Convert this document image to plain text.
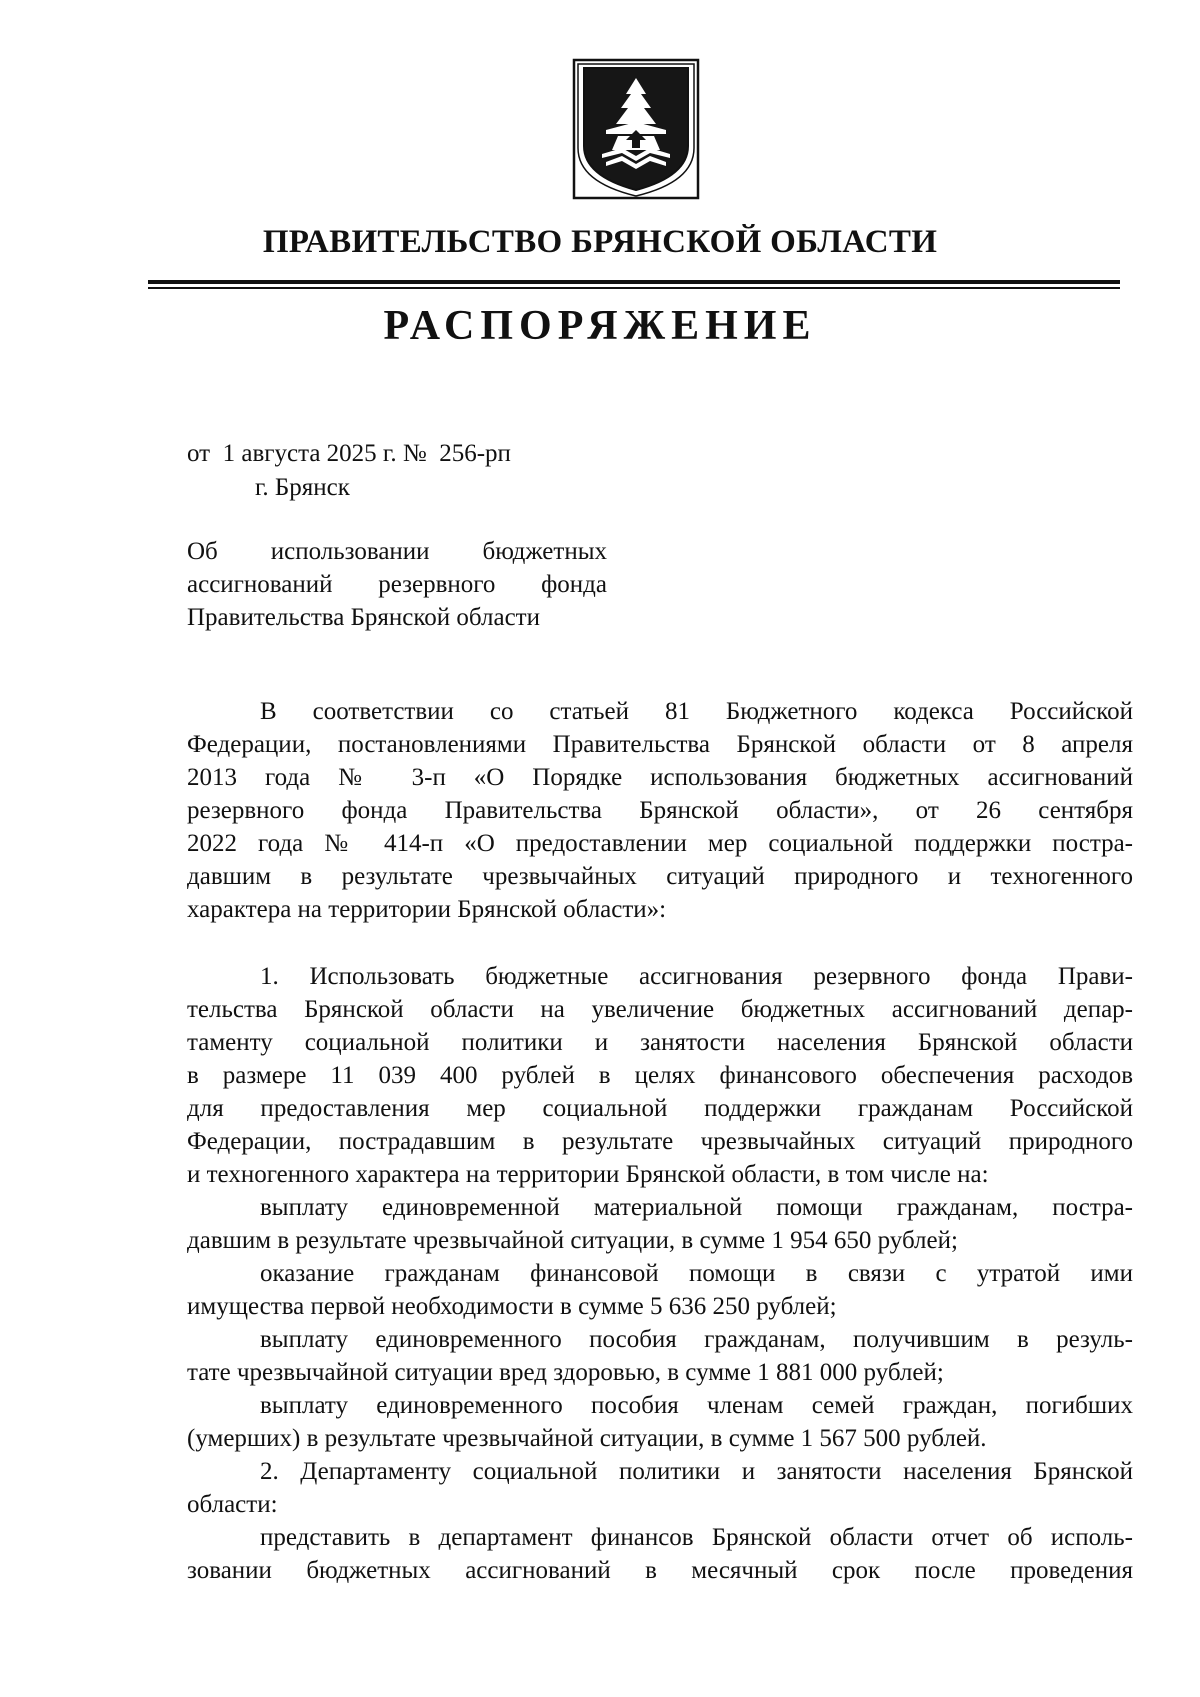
ПРАВИТЕЛЬСТВО БРЯНСКОЙ ОБЛАСТИ
РАСПОРЯЖЕНИЕ
от 1 августа 2025 г. № 256-рп
г. Брянск
Об использовании бюджетных
ассигнований резервного фонда
Правительства Брянской области
В соответствии со статьей 81 Бюджетного кодекса Российской
Федерации, постановлениями Правительства Брянской области от 8 апреля
2013 года № 3-п «О Порядке использования бюджетных ассигнований
резервного фонда Правительства Брянской области», от 26 сентября
2022 года № 414-п «О предоставлении мер социальной поддержки постра-
давшим в результате чрезвычайных ситуаций природного и техногенного
характера на территории Брянской области»:
1. Использовать бюджетные ассигнования резервного фонда Прави-
тельства Брянской области на увеличение бюджетных ассигнований депар-
таменту социальной политики и занятости населения Брянской области
в размере 11 039 400 рублей в целях финансового обеспечения расходов
для предоставления мер социальной поддержки гражданам Российской
Федерации, пострадавшим в результате чрезвычайных ситуаций природного
и техногенного характера на территории Брянской области, в том числе на:
выплату единовременной материальной помощи гражданам, постра-
давшим в результате чрезвычайной ситуации, в сумме 1 954 650 рублей;
оказание гражданам финансовой помощи в связи с утратой ими
имущества первой необходимости в сумме 5 636 250 рублей;
выплату единовременного пособия гражданам, получившим в резуль-
тате чрезвычайной ситуации вред здоровью, в сумме 1 881 000 рублей;
выплату единовременного пособия членам семей граждан, погибших
(умерших) в результате чрезвычайной ситуации, в сумме 1 567 500 рублей.
2. Департаменту социальной политики и занятости населения Брянской
области:
представить в департамент финансов Брянской области отчет об исполь-
зовании бюджетных ассигнований в месячный срок после проведения
